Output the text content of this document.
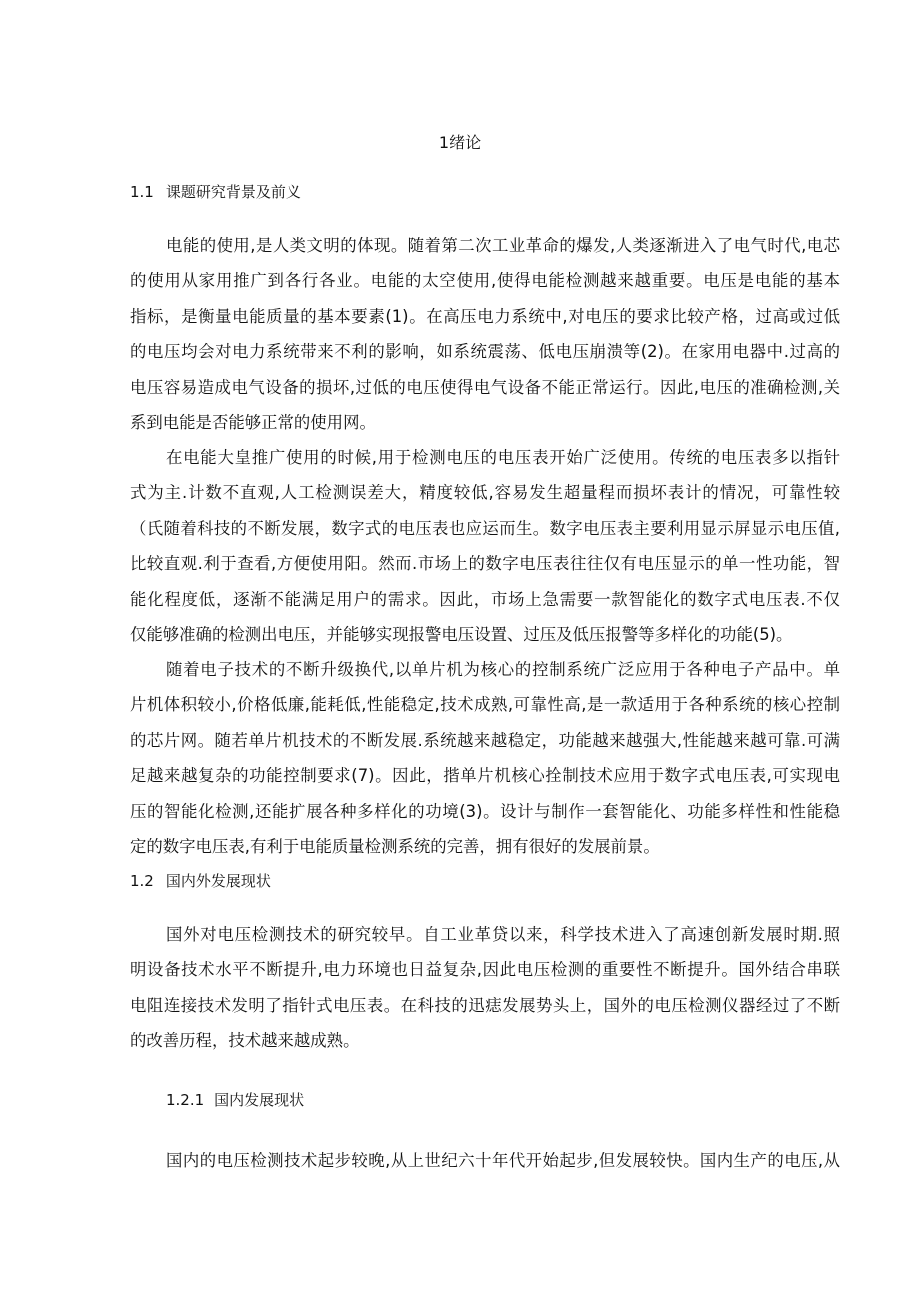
1绪论
1.1 课题研究背景及前义
电能的使用,是人类文明的体现。随着第二次工业革命的爆发,人类逐渐进入了电气时代,电芯
的使用从家用推广到各行各业。电能的太空使用,使得电能检测越来越重要。电压是电能的基本
指标，是衡量电能质量的基本要素(1)。在高压电力系统中,对电压的要求比较产格，过高或过低
的电压均会对电力系统带来不利的影响，如系统震荡、低电压崩溃等(2)。在家用电器中.过高的
电压容易造成电气设备的损坏,过低的电压使得电气设备不能正常运行。因此,电压的准确检测,关
系到电能是否能够正常的使用网。
在电能大皇推广使用的时候,用于检测电压的电压表开始广泛使用。传统的电压表多以指针
式为主.计数不直观,人工检测误差大，精度较低,容易发生超量程而损坏表计的情况，可靠性较
（氏随着科技的不断发展，数字式的电压表也应运而生。数字电压表主要利用显示屏显示电压值,
比较直观.利于查看,方便使用阳。然而.市场上的数字电压表往往仅有电压显示的单一性功能，智
能化程度低，逐渐不能满足用户的需求。因此，市场上急需要一款智能化的数字式电压表.不仅
仅能够准确的检测出电压，并能够实现报警电压设置、过压及低压报警等多样化的功能(5)。
随着电子技术的不断升级换代,以单片机为核心的控制系统广泛应用于各种电子产品中。单
片机体积较小,价格低廉,能耗低,性能稳定,技术成熟,可靠性高,是一款适用于各种系统的核心控制
的芯片网。随若单片机技术的不断发展.系统越来越稳定，功能越来越强大,性能越来越可靠.可满
足越来越复杂的功能控制要求(7)。因此，揩单片机核心拴制技术应用于数字式电压表,可实现电
压的智能化检测,还能扩展各种多样化的功境(3)。设计与制作一套智能化、功能多样性和性能稳
定的数字电压表,有利于电能质量检测系统的完善，拥有很好的发展前景。
1.2 国内外发展现状
国外对电压检测技术的研究较早。自工业革贷以来，科学技术进入了高速创新发展时期.照
明设备技术水平不断提升,电力环境也日益复杂,因此电压检测的重要性不断提升。国外结合串联
电阻连接技术发明了指针式电压表。在科技的迅痣发展势头上，国外的电压检测仪器经过了不断
的改善历程，技术越来越成熟。
1.2.1 国内发展现状
国内的电压检测技术起步较晚,从上世纪六十年代开始起步,但发展较快。国内生产的电压,从
